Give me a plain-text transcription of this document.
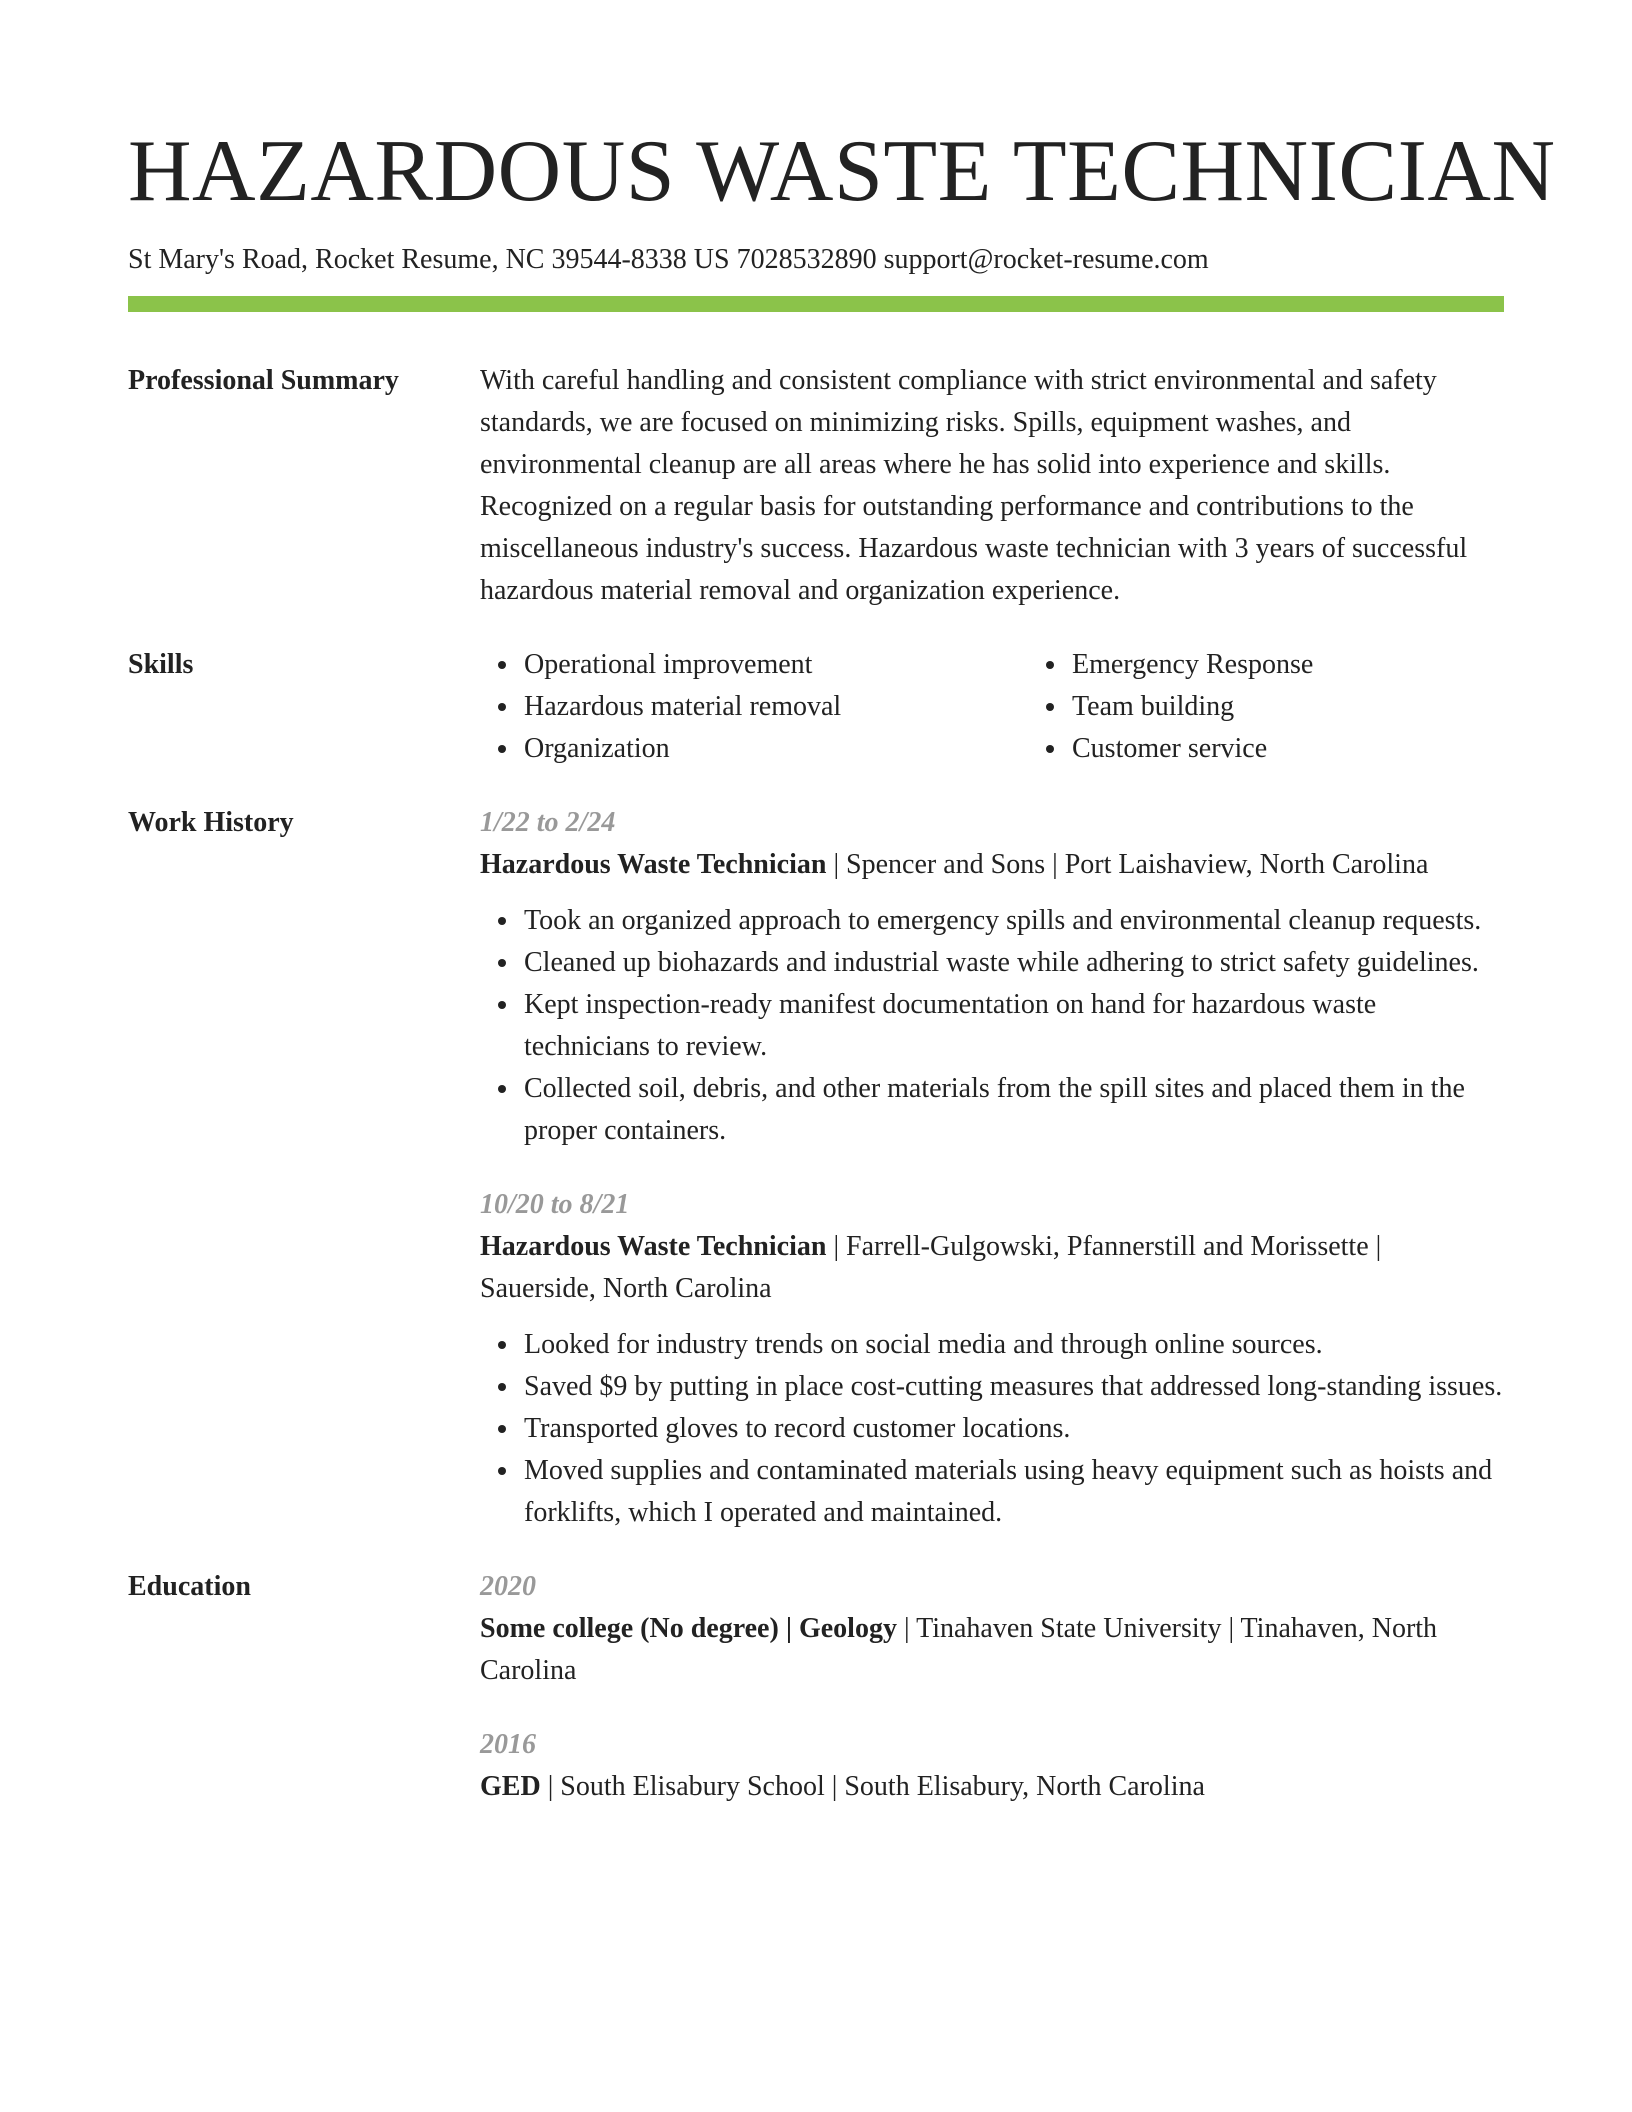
HAZARDOUS WASTE TECHNICIAN
St Mary's Road, Rocket Resume, NC 39544-8338 US 7028532890 support@rocket-resume.com
Professional Summary	With careful handling and consistent compliance with strict environmental and safety standards, we are focused on minimizing risks. Spills, equipment washes, and environmental cleanup are all areas where he has solid into experience and skills. Recognized on a regular basis for outstanding performance and contributions to the miscellaneous industry's success. Hazardous waste technician with 3 years of successful hazardous material removal and organization experience.
Skills	Operational improvement
Hazardous material removal
Organization
Emergency Response
Team building
Customer service
Work History	1/22 to 2/24
Hazardous Waste Technician | Spencer and Sons | Port Laishaview, North Carolina
Took an organized approach to emergency spills and environmental cleanup requests.
Cleaned up biohazards and industrial waste while adhering to strict safety guidelines.
Kept inspection-ready manifest documentation on hand for hazardous waste technicians to review.
Collected soil, debris, and other materials from the spill sites and placed them in the proper containers.
10/20 to 8/21
Hazardous Waste Technician | Farrell-Gulgowski, Pfannerstill and Morissette | Sauerside, North Carolina
Looked for industry trends on social media and through online sources.
Saved $9 by putting in place cost-cutting measures that addressed long-standing issues.
Transported gloves to record customer locations.
Moved supplies and contaminated materials using heavy equipment such as hoists and forklifts, which I operated and maintained.
Education	2020
Some college (No degree) | Geology | Tinahaven State University | Tinahaven, North Carolina
2016
GED | South Elisabury School | South Elisabury, North Carolina
